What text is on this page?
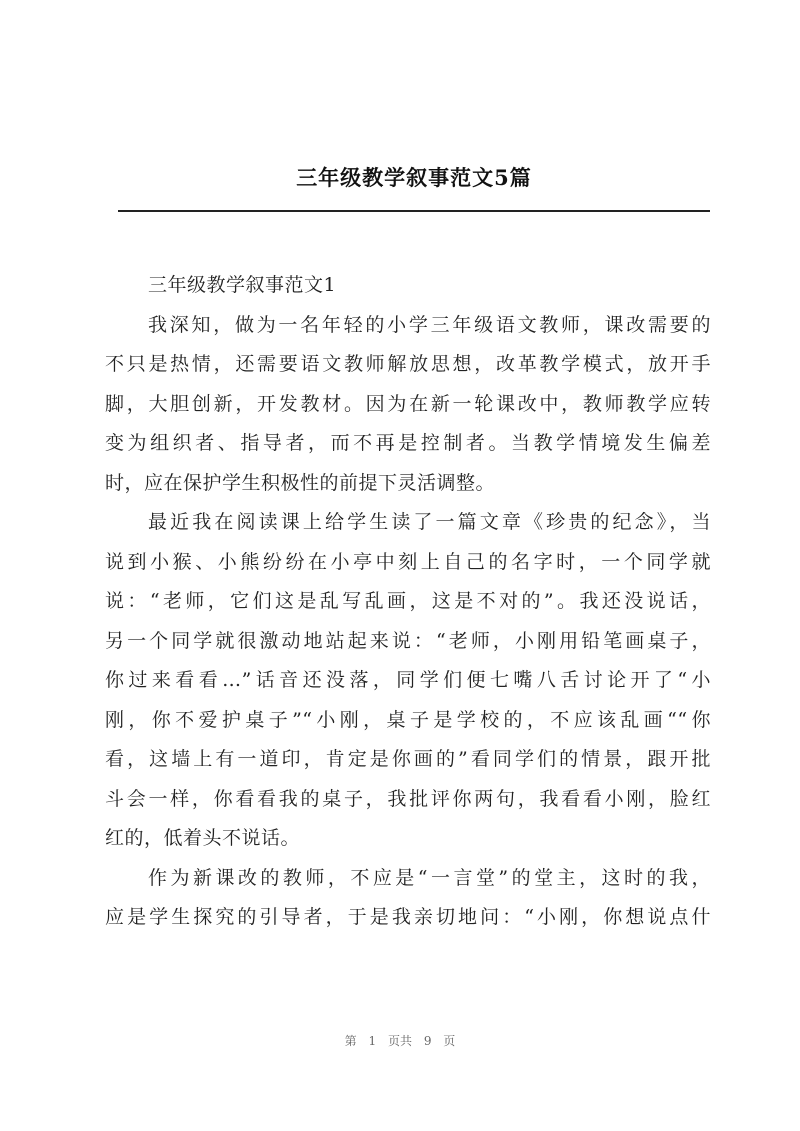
三年级教学叙事范文5篇
三年级教学叙事范文1
我深知，做为一名年轻的小学三年级语文教师，课改需要的
不只是热情，还需要语文教师解放思想，改革教学模式，放开手
脚，大胆创新，开发教材。因为在新一轮课改中，教师教学应转
变为组织者、指导者，而不再是控制者。当教学情境发生偏差
时，应在保护学生积极性的前提下灵活调整。
最近我在阅读课上给学生读了一篇文章《珍贵的纪念》，当
说到小猴、小熊纷纷在小亭中刻上自己的名字时，一个同学就
说：“老师，它们这是乱写乱画，这是不对的”。我还没说话，
另一个同学就很激动地站起来说：“老师，小刚用铅笔画桌子，
你过来看看…”话音还没落，同学们便七嘴八舌讨论开了“小
刚，你不爱护桌子”“小刚，桌子是学校的，不应该乱画““你
看，这墙上有一道印，肯定是你画的”看同学们的情景，跟开批
斗会一样，你看看我的桌子，我批评你两句，我看看小刚，脸红
红的，低着头不说话。
作为新课改的教师，不应是“一言堂”的堂主，这时的我，
应是学生探究的引导者，于是我亲切地问：“小刚，你想说点什
第 1 页共 9 页
